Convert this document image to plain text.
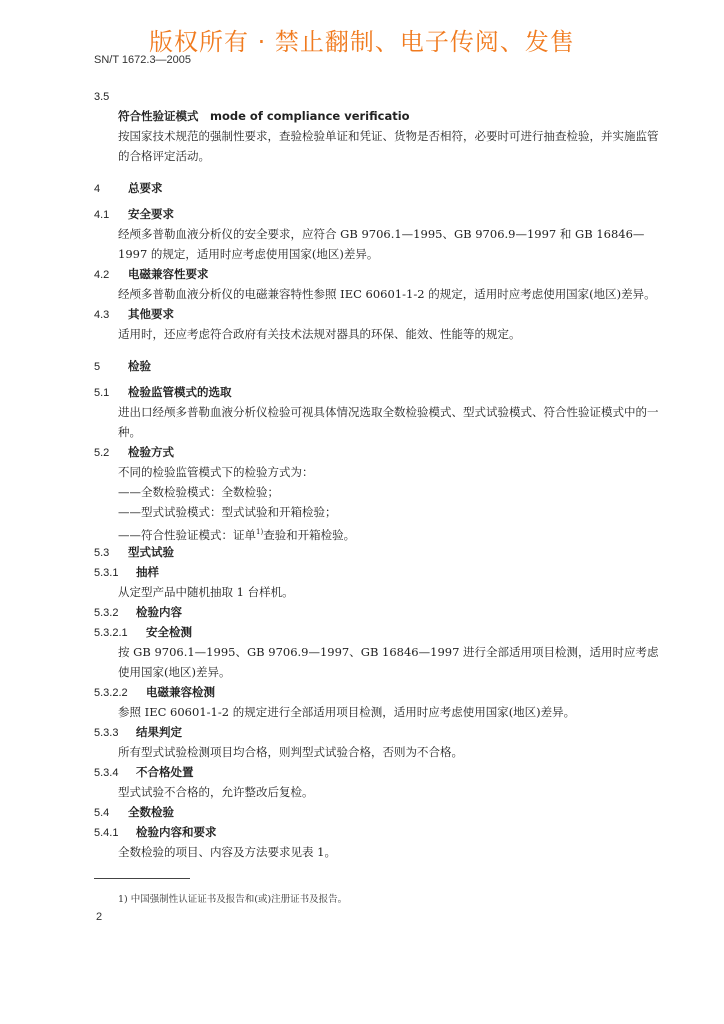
版权所有 · 禁止翻制、电子传阅、发售
SN/T 1672.3—2005
3.5
符合性验证模式　mode of compliance verificatio
按国家技术规范的强制性要求，查验检验单证和凭证、货物是否相符，必要时可进行抽查检验，并实施监管的合格评定活动。
4 总要求
4.1 安全要求
经颅多普勒血液分析仪的安全要求，应符合 GB 9706.1—1995、GB 9706.9—1997 和 GB 16846—1997 的规定，适用时应考虑使用国家(地区)差异。
4.2 电磁兼容性要求
经颅多普勒血液分析仪的电磁兼容特性参照 IEC 60601-1-2 的规定，适用时应考虑使用国家(地区)差异。
4.3 其他要求
适用时，还应考虑符合政府有关技术法规对器具的环保、能效、性能等的规定。
5 检验
5.1 检验监管模式的选取
进出口经颅多普勒血液分析仪检验可视具体情况选取全数检验模式、型式试验模式、符合性验证模式中的一种。
5.2 检验方式
不同的检验监管模式下的检验方式为：
——全数检验模式：全数检验；
——型式试验模式：型式试验和开箱检验；
——符合性验证模式：证单$^{1)}$查验和开箱检验。
5.3 型式试验
5.3.1 抽样
从定型产品中随机抽取 1 台样机。
5.3.2 检验内容
5.3.2.1 安全检测
按 GB 9706.1—1995、GB 9706.9—1997、GB 16846—1997 进行全部适用项目检测，适用时应考虑使用国家(地区)差异。
5.3.2.2 电磁兼容检测
参照 IEC 60601-1-2 的规定进行全部适用项目检测，适用时应考虑使用国家(地区)差异。
5.3.3 结果判定
所有型式试验检测项目均合格，则判型式试验合格，否则为不合格。
5.3.4 不合格处置
型式试验不合格的，允许整改后复检。
5.4 全数检验
5.4.1 检验内容和要求
全数检验的项目、内容及方法要求见表 1。
1) 中国强制性认证证书及报告和(或)注册证书及报告。
2
